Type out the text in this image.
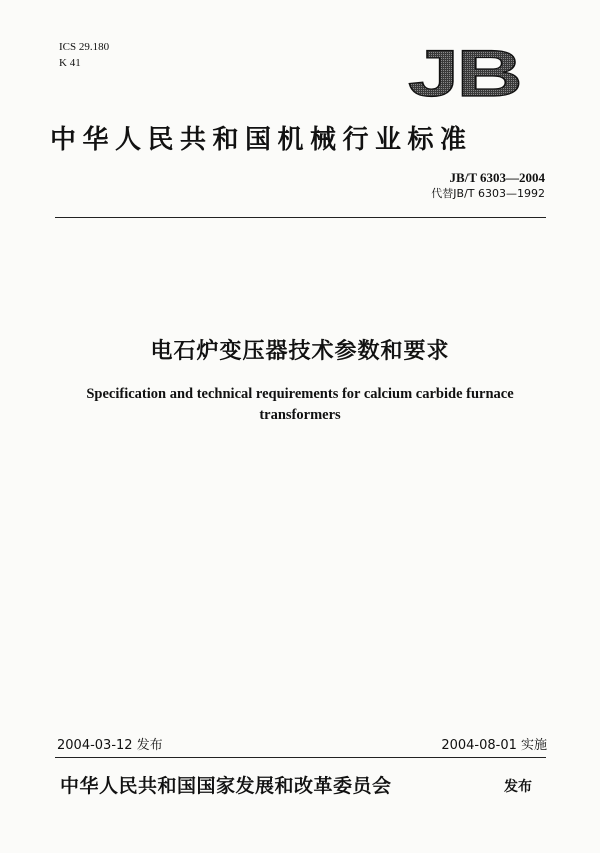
ICS 29.180
K 41	JB
中华人民共和国机械行业标准
JB/T 6303—2004
代替JB/T 6303—1992
电石炉变压器技术参数和要求
Specification and technical requirements for calcium carbide furnace transformers
2004-03-12 发布	2004-08-01 实施
中华人民共和国国家发展和改革委员会	发布
